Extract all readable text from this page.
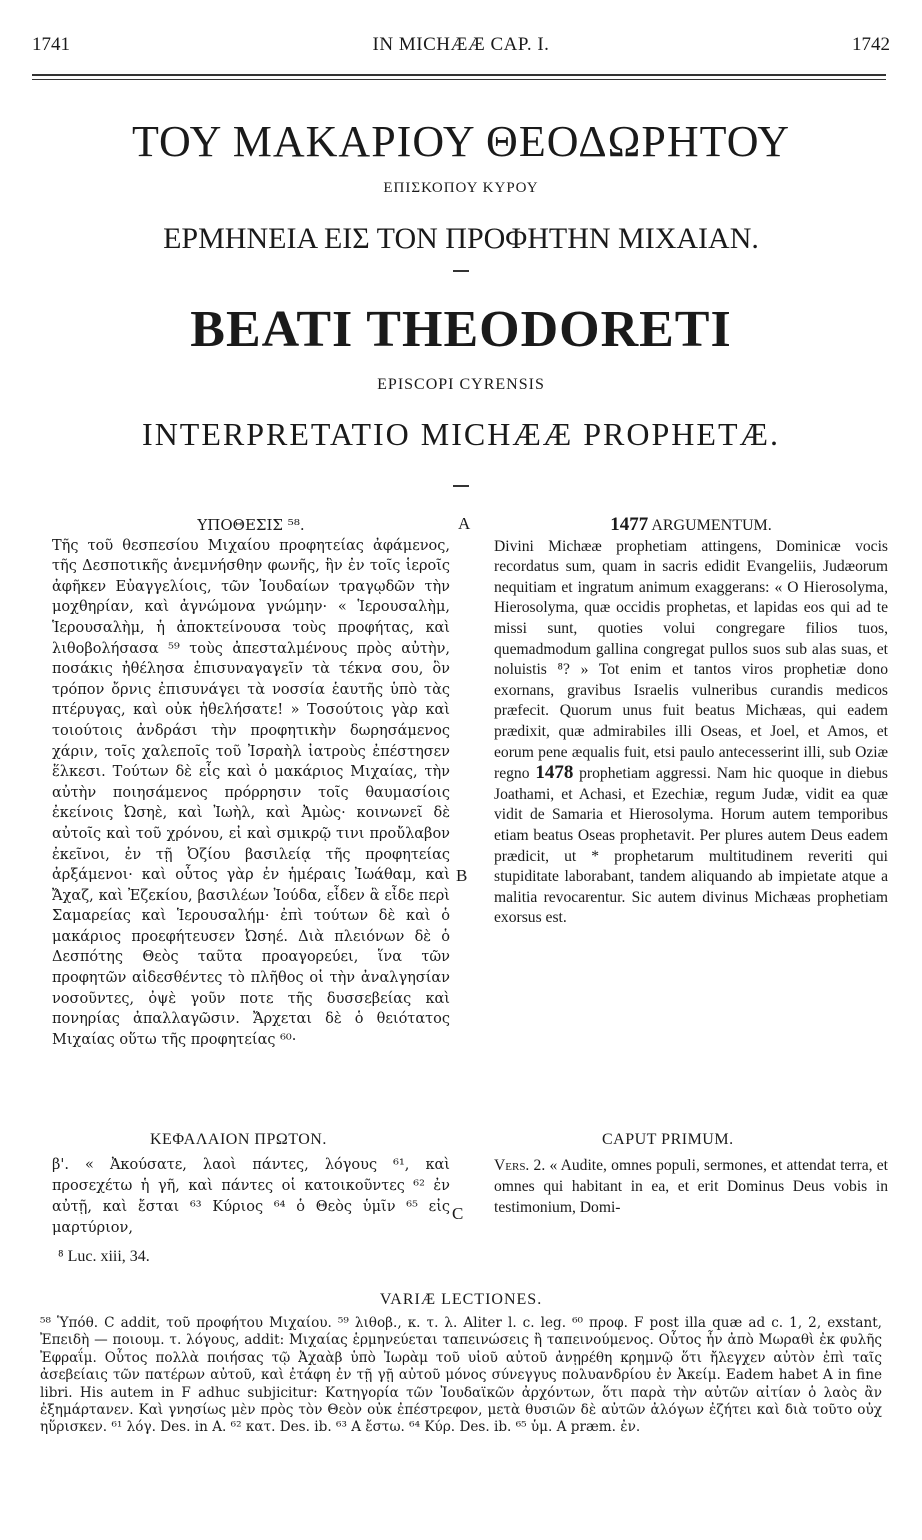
1741	IN MICHÆÆ CAP. I.	1742
ΤΟΥ ΜΑΚΑΡΙΟΥ ΘΕΟΔΩΡΗΤΟΥ
ΕΠΙΣΚΟΠΟΥ ΚΥΡΟΥ
ΕΡΜΗΝΕΙΑ ΕΙΣ ΤΟΝ ΠΡΟΦΗΤΗΝ ΜΙΧΑΙΑΝ.
BEATI THEODORETI
EPISCOPI CYRENSIS
INTERPRETATIO MICHÆÆ PROPHETÆ.
ΥΠΟΘΕΣΙΣ ⁵⁸.

Τῆς τοῦ θεσπεσίου Μιχαίου προφητείας ἀφάμενος, τῆς Δεσποτικῆς ἀνεμνήσθην φωνῆς, ἣν ἐν τοῖς ἱεροῖς ἀφῆκεν Εὐαγγελίοις, τῶν Ἰουδαίων τραγῳδῶν τὴν μοχθηρίαν, καὶ ἀγνώμονα γνώμην· « Ἱερουσαλὴμ, Ἱερουσαλὴμ, ἡ ἀποκτείνουσα τοὺς προφήτας, καὶ λιθοβολήσασα ⁵⁹ τοὺς ἀπεσταλμένους πρὸς αὐτὴν, ποσάκις ἠθέλησα ἐπισυναγαγεῖν τὰ τέκνα σου, ὃν τρόπον ὄρνις ἐπισυνάγει τὰ νοσσία ἑαυτῆς ὑπὸ τὰς πτέρυγας, καὶ οὐκ ἠθελήσατε! » Τοσούτοις γὰρ καὶ τοιούτοις ἀνδράσι τὴν προφητικὴν δωρησάμενος χάριν, τοῖς χαλεποῖς τοῦ Ἰσραὴλ ἰατροὺς ἐπέστησεν ἕλκεσι. Τούτων δὲ εἷς καὶ ὁ μακάριος Μιχαίας, τὴν αὐτὴν ποιησάμενος πρόρρησιν τοῖς θαυμασίοις ἐκείνοις Ὠσηὲ, καὶ Ἰωὴλ, καὶ Ἀμὼς· κοινωνεῖ δὲ αὐτοῖς καὶ τοῦ χρόνου, εἰ καὶ σμικρῷ τινι προὔλαβον ἐκεῖνοι, ἐν τῇ Ὀζίου βασιλείᾳ τῆς προφητείας ἀρξάμενοι· καὶ οὗτος γὰρ ἐν ἡμέραις Ἰωάθαμ, καὶ Ἄχαζ, καὶ Ἐζεκίου, βασιλέων Ἰούδα, εἶδεν ἃ εἶδε περὶ Σαμαρείας καὶ Ἱερουσαλήμ· ἐπὶ τούτων δὲ καὶ ὁ μακάριος προεφήτευσεν Ὠσηέ. Διὰ πλειόνων δὲ ὁ Δεσπότης Θεὸς ταῦτα προαγορεύει, ἵνα τῶν προφητῶν αἰδεσθέντες τὸ πλῆθος οἱ τὴν ἀναλγησίαν νοσοῦντες, ὀψὲ γοῦν ποτε τῆς δυσσεβείας καὶ πονηρίας ἀπαλλαγῶσιν. Ἄρχεται δὲ ὁ θειότατος Μιχαίας οὕτω τῆς προφητείας ⁶⁰·

1477 ARGUMENTUM.

Divini Michææ prophetiam attingens, Dominicæ vocis recordatus sum, quam in sacris edidit Evangeliis, Judæorum nequitiam et ingratum animum exaggerans: « O Hierosolyma, Hierosolyma, quæ occidis prophetas, et lapidas eos qui ad te missi sunt, quoties volui congregare filios tuos, quemadmodum gallina congregat pullos suos sub alas suas, et noluistis ⁸? » Tot enim et tantos viros prophetiæ dono exornans, gravibus Israelis vulneribus curandis medicos præfecit. Quorum unus fuit beatus Michæas, qui eadem prædixit, quæ admirabiles illi Oseas, et Joel, et Amos, et eorum pene æqualis fuit, etsi paulo antecesserint illi, sub Oziæ regno 1478 prophetiam aggressi. Nam hic quoque in diebus Joathami, et Achasi, et Ezechiæ, regum Judæ, vidit ea quæ vidit de Samaria et Hierosolyma. Horum autem temporibus etiam beatus Oseas prophetavit. Per plures autem Deus eadem prædicit, ut * prophetarum multitudinem reveriti qui stupiditate laborabant, tandem aliquando ab impietate atque a malitia revocarentur. Sic autem divinus Michæas prophetiam exorsus est.

A
B
C
ΚΕΦΑΛΑΙΟΝ ΠΡΩΤΟΝ.	CAPUT PRIMUM.
β'. « Ἀκούσατε, λαοὶ πάντες, λόγους ⁶¹, καὶ προσεχέτω ἡ γῆ, καὶ πάντες οἱ κατοικοῦντες ⁶² ἐν αὐτῇ, καὶ ἔσται ⁶³ Κύριος ⁶⁴ ὁ Θεὸς ὑμῖν ⁶⁵ εἰς μαρτύριον,
Vers. 2. « Audite, omnes populi, sermones, et attendat terra, et omnes qui habitant in ea, et erit Dominus Deus vobis in testimonium, Domi-
⁸ Luc. xiii, 34.
VARIÆ LECTIONES.
⁵⁸ Ὑπόθ. C addit, τοῦ προφήτου Μιχαίου. ⁵⁹ λιθοβ., κ. τ. λ. Aliter l. c. leg. ⁶⁰ προφ. F post illa quæ ad c. 1, 2, exstant, Ἐπειδὴ — ποιουμ. τ. λόγους, addit: Μιχαίας ἑρμηνεύεται ταπεινώσεις ἢ ταπεινούμενος. Οὗτος ἦν ἀπὸ Μωραθὶ ἐκ φυλῆς Ἐφραΐμ. Οὗτος πολλὰ ποιήσας τῷ Ἀχαὰβ ὑπὸ Ἰωρὰμ τοῦ υἱοῦ αὐτοῦ ἀνῃρέθη κρημνῷ ὅτι ἤλεγχεν αὐτὸν ἐπὶ ταῖς ἀσεβείαις τῶν πατέρων αὐτοῦ, καὶ ἐτάφη ἐν τῇ γῇ αὐτοῦ μόνος σύνεγγυς πολυανδρίου ἐν Ἀκείμ. Eadem habet A in fine libri. His autem in F adhuc subjicitur: Κατηγορία τῶν Ἰουδαϊκῶν ἀρχόντων, ὅτι παρὰ τὴν αὐτῶν αἰτίαν ὁ λαὸς ἂν ἐξημάρτανεν. Καὶ γνησίως μὲν πρὸς τὸν Θεὸν οὐκ ἐπέστρεφον, μετὰ θυσιῶν δὲ αὐτῶν ἀλόγων ἐζήτει καὶ διὰ τοῦτο οὐχ ηὕρισκεν. ⁶¹ λόγ. Des. in A. ⁶² κατ. Des. ib. ⁶³ Α ἔστω. ⁶⁴ Κύρ. Des. ib. ⁶⁵ ὑμ. A præm. ἐν.
